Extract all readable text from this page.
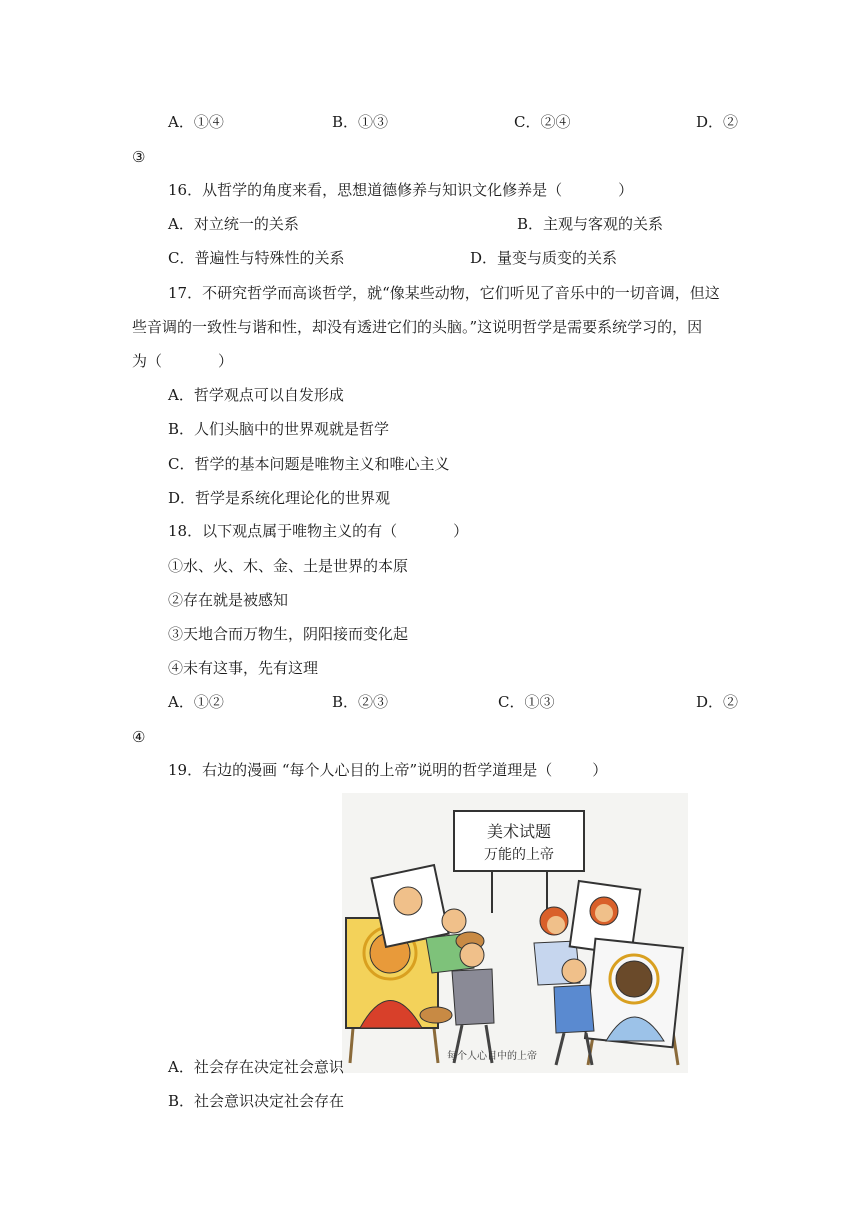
A．①④	B．①③	C．②④	D．②
③
16．从哲学的角度来看，思想道德修养与知识文化修养是（	）
A．对立统一的关系	B．主观与客观的关系
C．普遍性与特殊性的关系	D．量变与质变的关系
17．不研究哲学而高谈哲学，就“像某些动物，它们听见了音乐中的一切音调，但这
些音调的一致性与谐和性，却没有透进它们的头脑。”这说明哲学是需要系统学习的，因
为（	）
A．哲学观点可以自发形成
B．人们头脑中的世界观就是哲学
C．哲学的基本问题是唯物主义和唯心主义
D．哲学是系统化理论化的世界观
18．以下观点属于唯物主义的有（	）
①水、火、木、金、土是世界的本原
②存在就是被感知
③天地合而万物生，阴阳接而变化起
④未有这事，先有这理
A．①②	B．②③	C．①③	D．②
④
19．右边的漫画 “每个人心目的上帝”说明的哲学道理是（	）
美术试题
万能的上帝
每个人心目中的上帝
A．社会存在决定社会意识
B．社会意识决定社会存在
